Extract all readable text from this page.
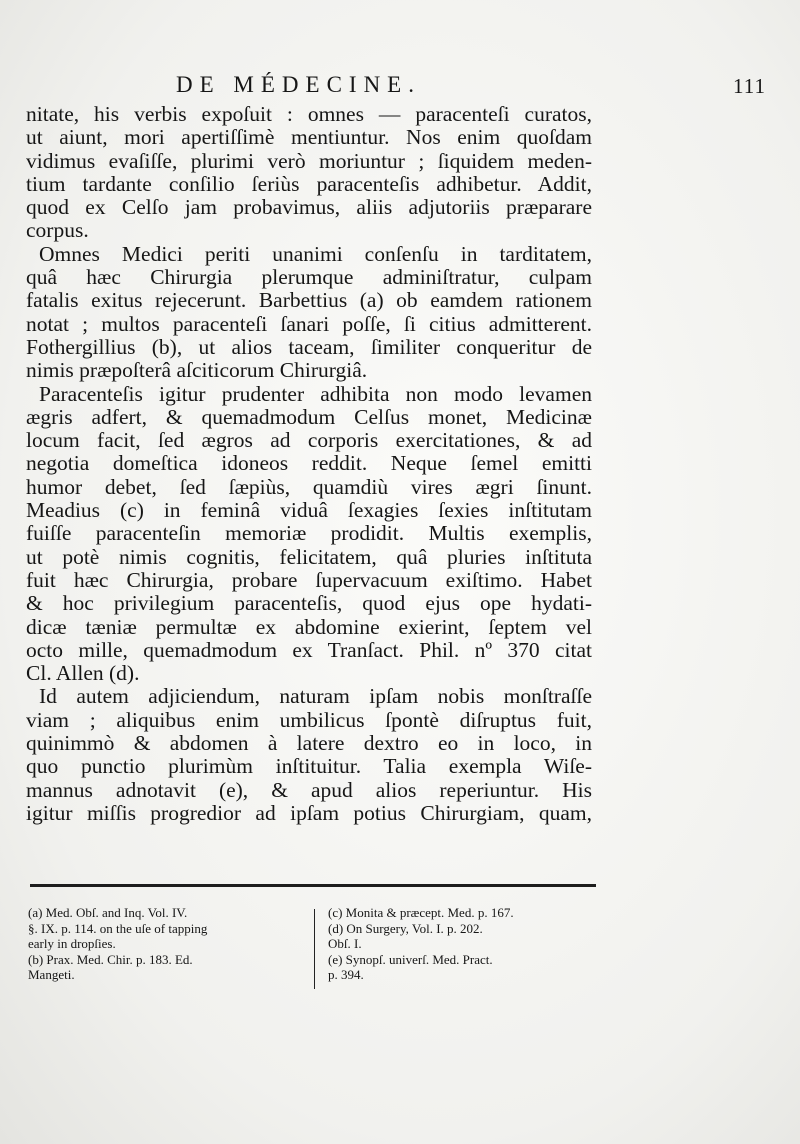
DE MÉDECINE.	111
nitate, his verbis expoſuit : omnes — paracenteſi curatos,
ut aiunt, mori apertiſſimè mentiuntur. Nos enim quoſdam
vidimus evaſiſſe, plurimi verò moriuntur ; ſiquidem meden-
tium tardante conſilio ſeriùs paracenteſis adhibetur. Addit,
quod ex Celſo jam probavimus, aliis adjutoriis præparare
corpus.
Omnes Medici periti unanimi conſenſu in tarditatem,
quâ hæc Chirurgia plerumque adminiſtratur, culpam
fatalis exitus rejecerunt. Barbettius (a) ob eamdem rationem
notat ; multos paracenteſi ſanari poſſe, ſi citius admitterent.
Fothergillius (b), ut alios taceam, ſimiliter conqueritur de
nimis præpoſterâ aſciticorum Chirurgiâ.
Paracenteſis igitur prudenter adhibita non modo levamen
ægris adfert, & quemadmodum Celſus monet, Medicinæ
locum facit, ſed ægros ad corporis exercitationes, & ad
negotia domeſtica idoneos reddit. Neque ſemel emitti
humor debet, ſed ſæpiùs, quamdiù vires ægri ſinunt.
Meadius (c) in feminâ viduâ ſexagies ſexies inſtitutam
fuiſſe paracenteſin memoriæ prodidit. Multis exemplis,
ut potè nimis cognitis, felicitatem, quâ pluries inſtituta
fuit hæc Chirurgia, probare ſupervacuum exiſtimo. Habet
& hoc privilegium paracenteſis, quod ejus ope hydati-
dicæ tæniæ permultæ ex abdomine exierint, ſeptem vel
octo mille, quemadmodum ex Tranſact. Phil. nº 370 citat
Cl. Allen (d).
Id autem adjiciendum, naturam ipſam nobis monſtraſſe
viam ; aliquibus enim umbilicus ſpontè diſruptus fuit,
quinimmò & abdomen à latere dextro eo in loco, in
quo punctio plurimùm inſtituitur. Talia exempla Wiſe-
mannus adnotavit (e), & apud alios reperiuntur. His
igitur miſſis progredior ad ipſam potius Chirurgiam, quam,
(a) Med. Obſ. and Inq. Vol. IV.
§. IX. p. 114. on the uſe of tapping
early in dropſies.
(b) Prax. Med. Chir. p. 183. Ed.
Mangeti.
(c) Monita & præcept. Med. p. 167.
(d) On Surgery, Vol. I. p. 202.
Obſ. I.
(e) Synopſ. univerſ. Med. Pract.
p. 394.
